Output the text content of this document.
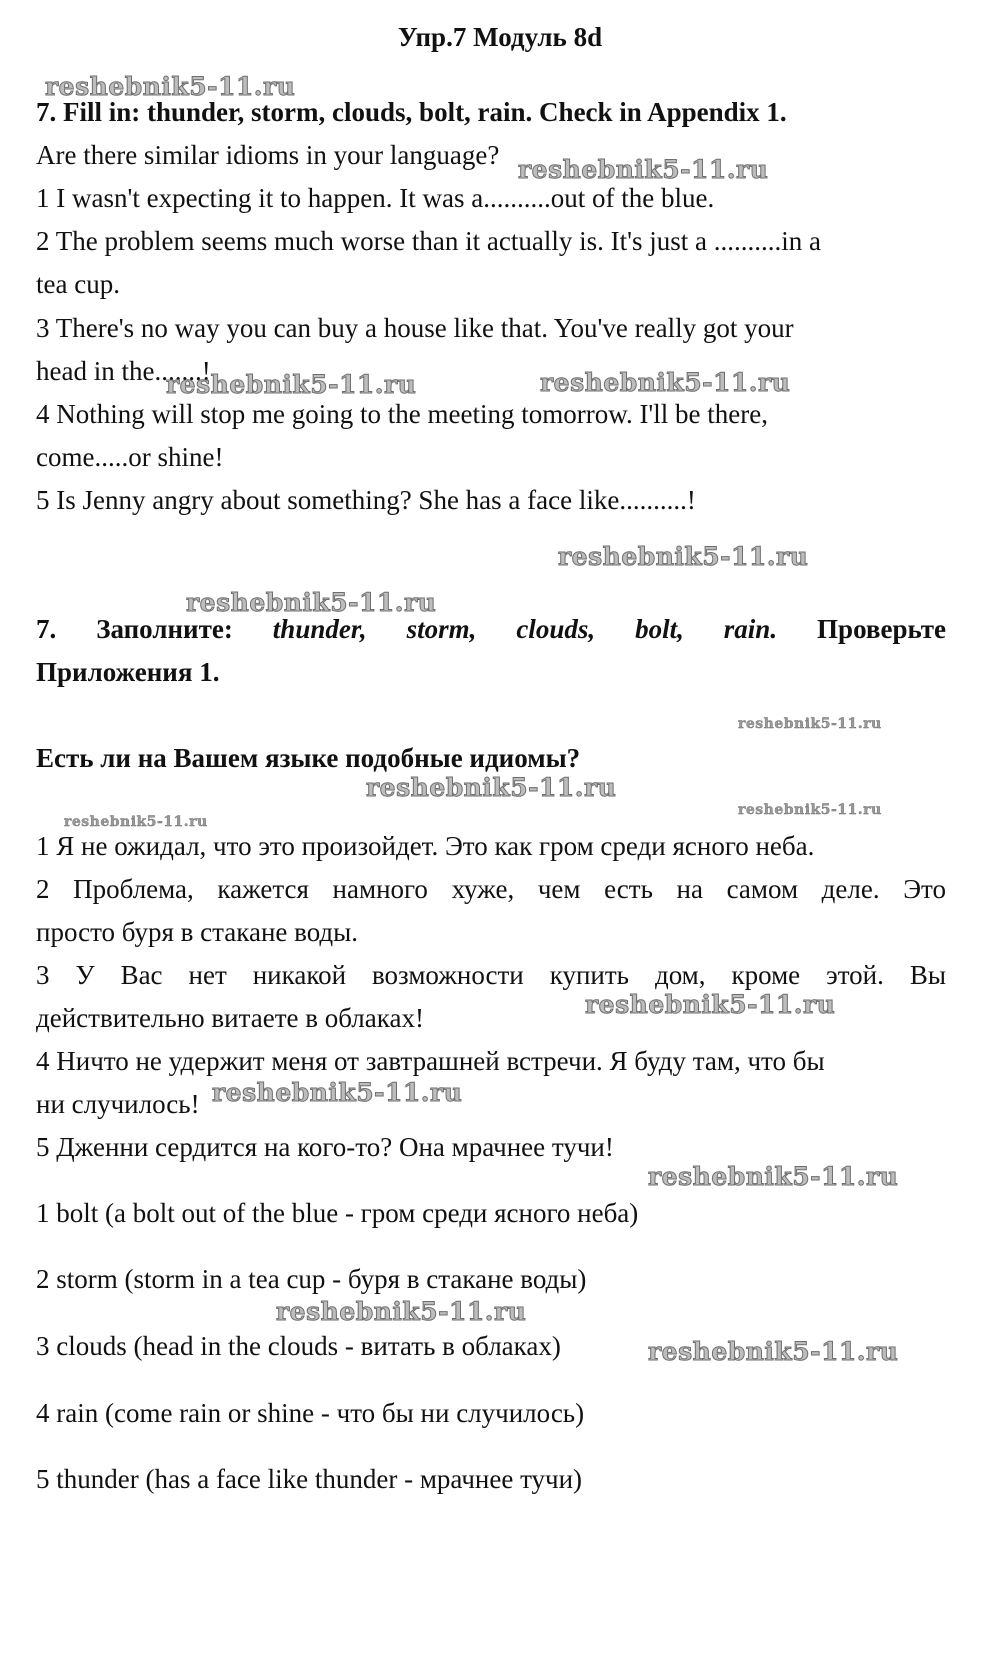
Упр.7 Модуль 8d
7. Fill in: thunder, storm, clouds, bolt, rain. Check in Appendix 1.
Are there similar idioms in your language?
1 I wasn't expecting it to happen. It was a..........out of the blue.
2 The problem seems much worse than it actually is. It's just a ..........in a
tea cup.
3 There's no way you can buy a house like that. You've really got your
head in the.......!
4 Nothing will stop me going to the meeting tomorrow. I'll be there,
come.....or shine!
5 Is Jenny angry about something? She has a face like..........!
7. Заполните: thunder, storm, clouds, bolt, rain. Проверьте
Приложения 1.
Есть ли на Вашем языке подобные идиомы?
1 Я не ожидал, что это произойдет. Это как гром среди ясного неба.
2 Проблема, кажется намного хуже, чем есть на самом деле. Это
просто буря в стакане воды.
3 У Вас нет никакой возможности купить дом, кроме этой. Вы
действительно витаете в облаках!
4 Ничто не удержит меня от завтрашней встречи. Я буду там, что бы
ни случилось!
5 Дженни сердится на кого-то? Она мрачнее тучи!
1 bolt (a bolt out of the blue - гром среди ясного неба)
2 storm (storm in a tea cup - буря в стакане воды)
3 clouds (head in the clouds - витать в облаках)
4 rain (come rain or shine - что бы ни случилось)
5 thunder (has a face like thunder - мрачнее тучи)
reshebnik5-11.ru
reshebnik5-11.ru
reshebnik5-11.ru	reshebnik5-11.ru
reshebnik5-11.ru
reshebnik5-11.ru
reshebnik5-11.ru
reshebnik5-11.ru
reshebnik5-11.ru
reshebnik5-11.ru
reshebnik5-11.ru
reshebnik5-11.ru
reshebnik5-11.ru
reshebnik5-11.ru
reshebnik5-11.ru
